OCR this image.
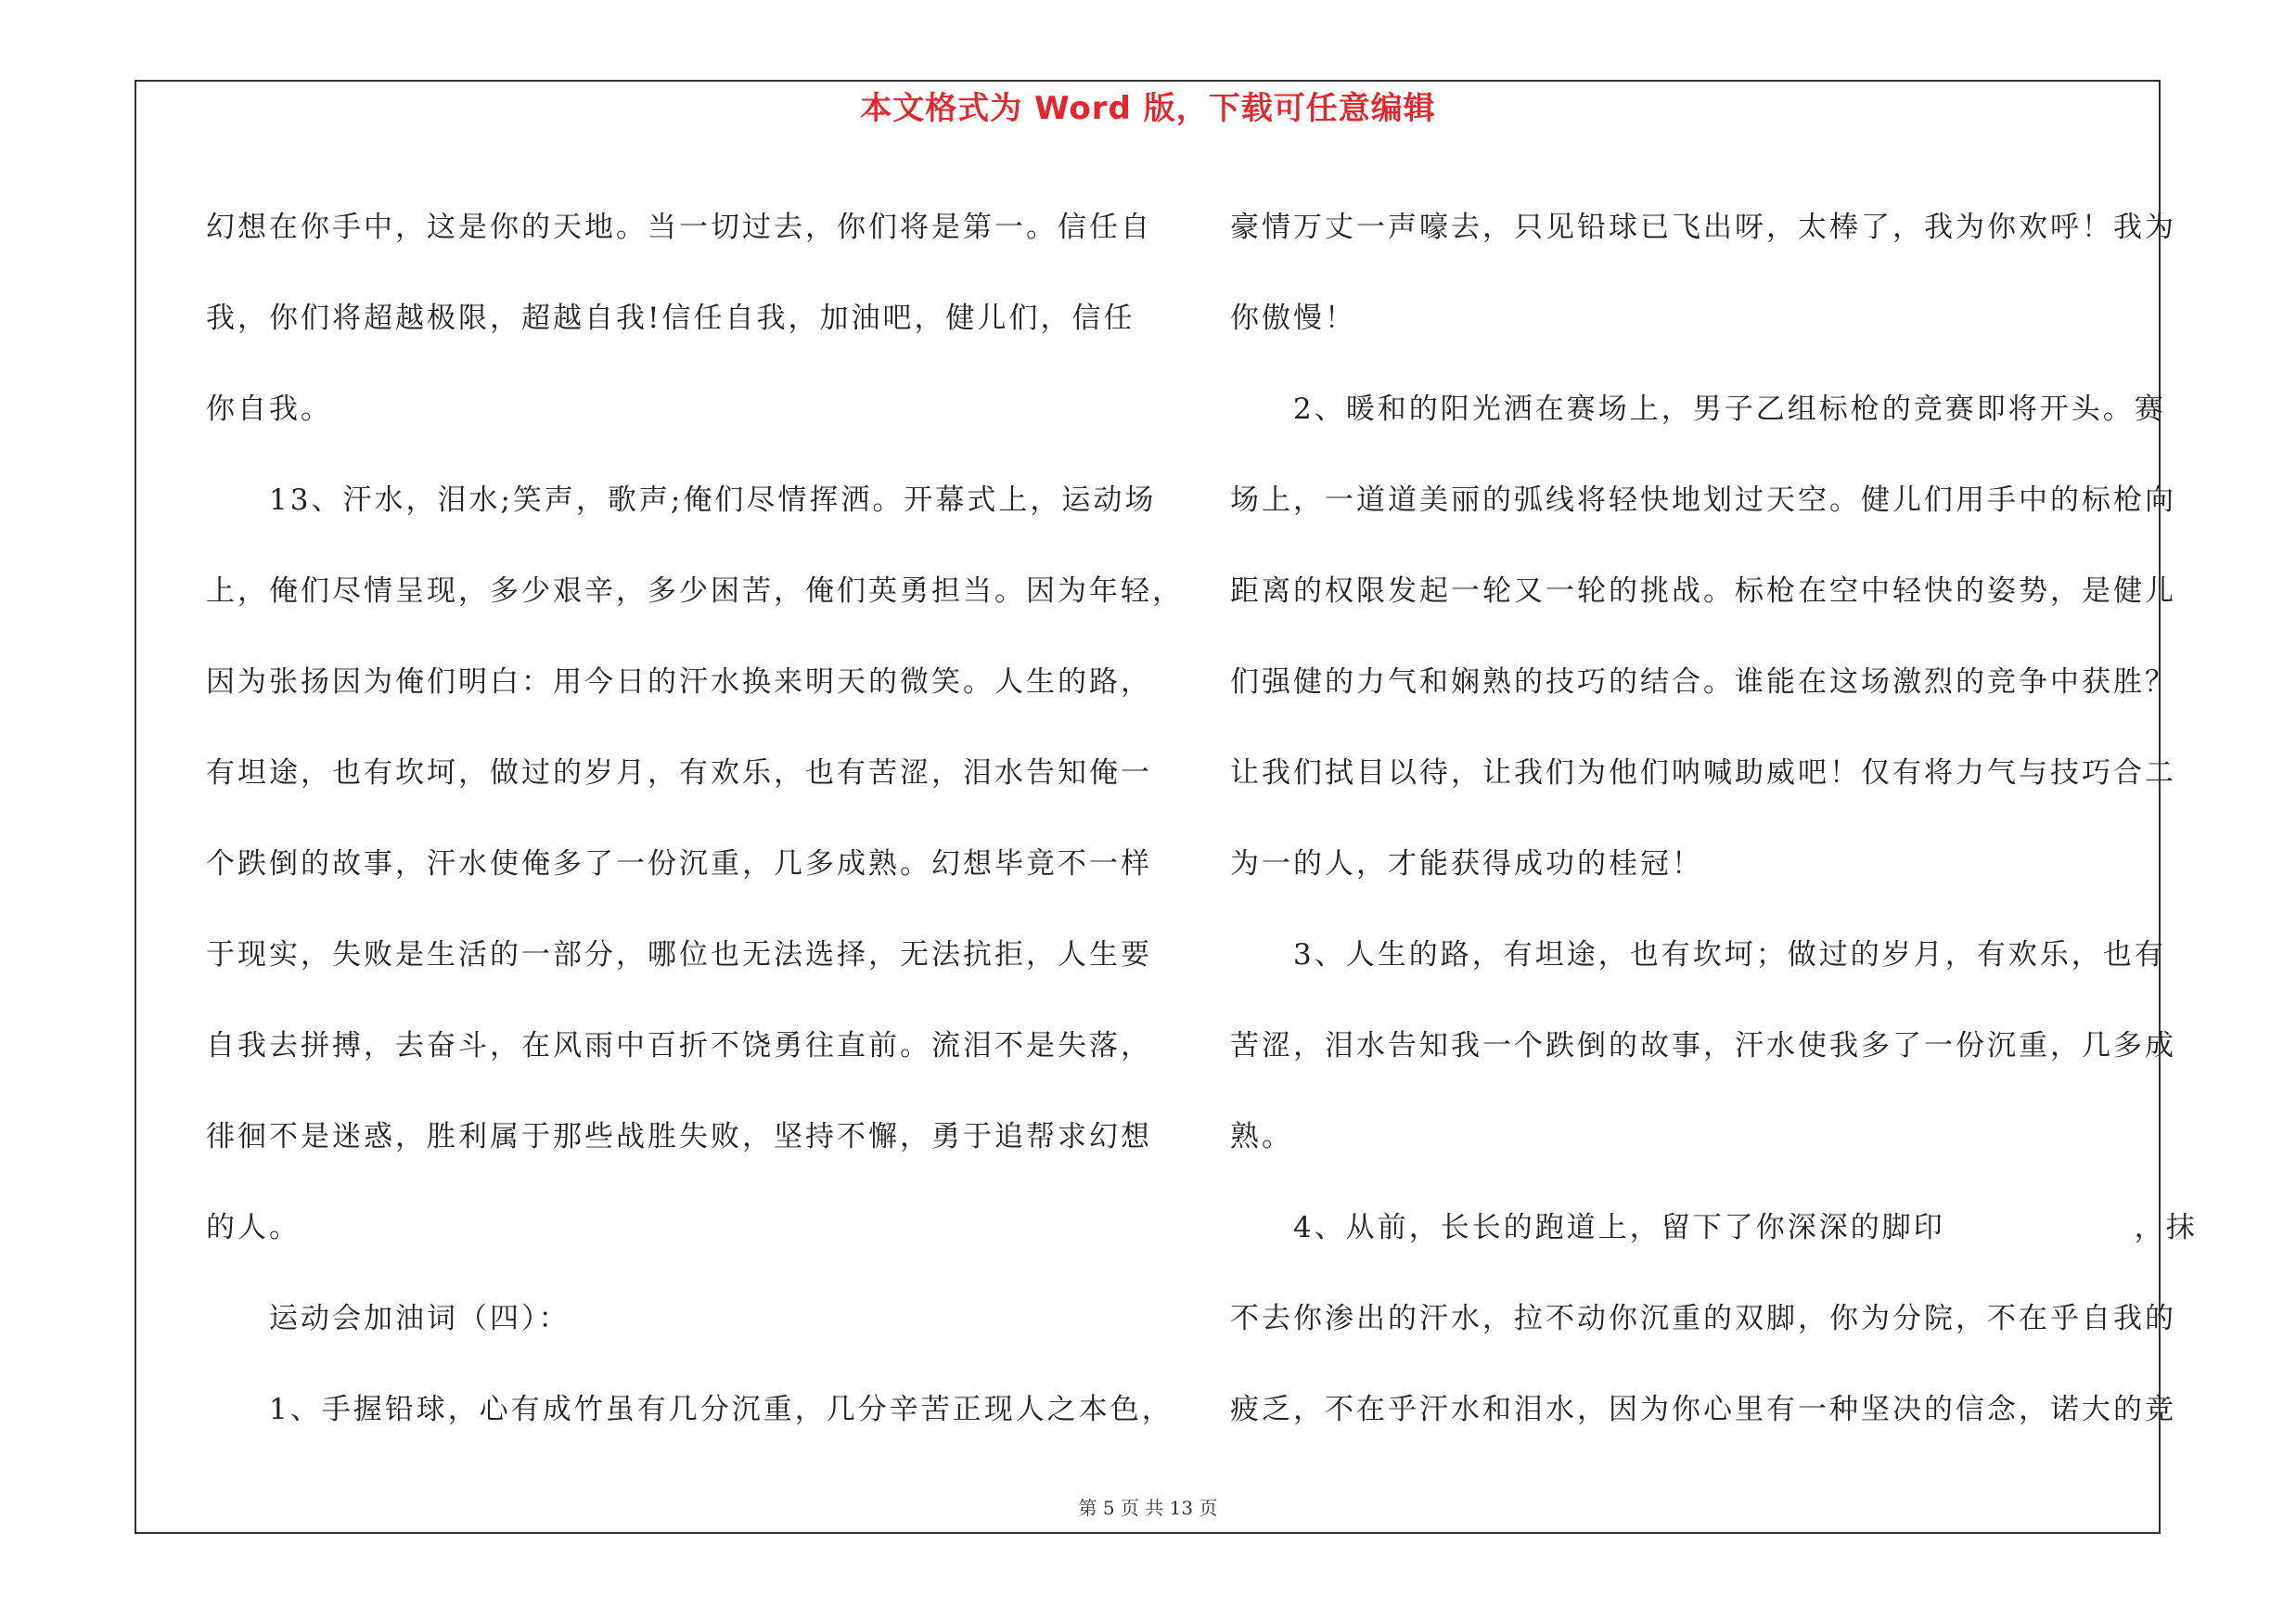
本文格式为 Word 版，下载可任意编辑
幻想在你手中，这是你的天地。当一切过去，你们将是第一。信任自
我，你们将超越极限，超越自我!信任自我，加油吧，健儿们，信任
你自我。
　　13、汗水，泪水;笑声，歌声;俺们尽情挥洒。开幕式上，运动场
上，俺们尽情呈现，多少艰辛，多少困苦，俺们英勇担当。因为年轻，
因为张扬因为俺们明白：用今日的汗水换来明天的微笑。人生的路，
有坦途，也有坎坷，做过的岁月，有欢乐，也有苦涩，泪水告知俺一
个跌倒的故事，汗水使俺多了一份沉重，几多成熟。幻想毕竟不一样
于现实，失败是生活的一部分，哪位也无法选择，无法抗拒，人生要
自我去拼搏，去奋斗，在风雨中百折不饶勇往直前。流泪不是失落，
徘徊不是迷惑，胜利属于那些战胜失败，坚持不懈，勇于追帮求幻想
的人。
　　运动会加油词（四）：
　　1、手握铅球，心有成竹虽有几分沉重，几分辛苦正现人之本色，
豪情万丈一声嚎去，只见铅球已飞出呀，太棒了，我为你欢呼！我为
你傲慢！
　　2、暖和的阳光洒在赛场上，男子乙组标枪的竞赛即将开头。赛
场上，一道道美丽的弧线将轻快地划过天空。健儿们用手中的标枪向
距离的权限发起一轮又一轮的挑战。标枪在空中轻快的姿势，是健儿
们强健的力气和娴熟的技巧的结合。谁能在这场激烈的竞争中获胜？
让我们拭目以待，让我们为他们呐喊助威吧！仅有将力气与技巧合二
为一的人，才能获得成功的桂冠！
　　3、人生的路，有坦途，也有坎坷；做过的岁月，有欢乐，也有
苦涩，泪水告知我一个跌倒的故事，汗水使我多了一份沉重，几多成
熟。
　　4、从前，长长的跑道上，留下了你深深的脚印　　　　　　，抹
不去你渗出的汗水，拉不动你沉重的双脚，你为分院，不在乎自我的
疲乏，不在乎汗水和泪水，因为你心里有一种坚决的信念，诺大的竞
第 5 页 共 13 页
